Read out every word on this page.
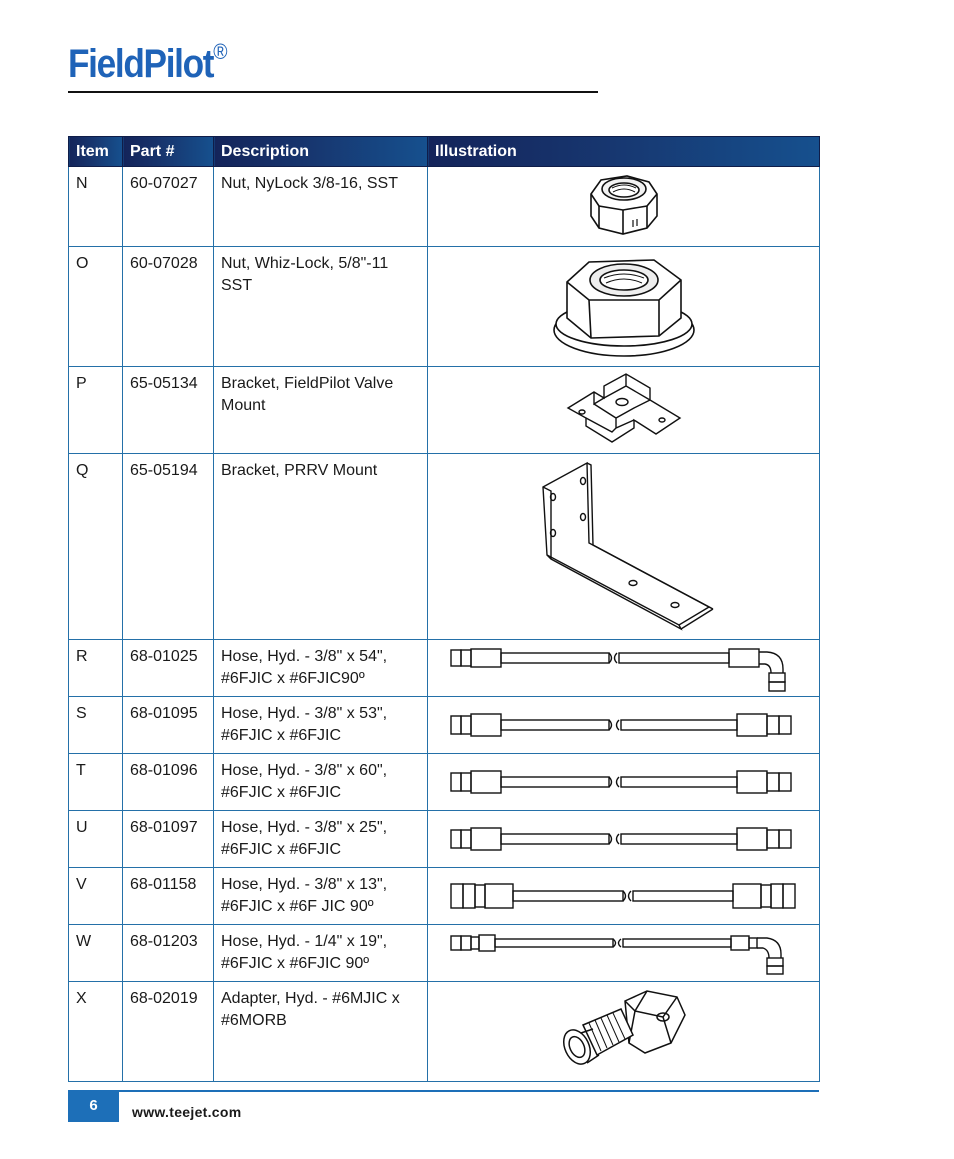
FieldPilot®
Item	Part #	Description	Illustration
N	60-07027	Nut, NyLock 3/8-16, SST	

O	60-07028	Nut, Whiz-Lock, 5/8"-11 SST	

P	65-05134	Bracket, FieldPilot Valve Mount	

Q	65-05194	Bracket, PRRV Mount	

R	68-01025	Hose, Hyd. - 3/8" x 54", #6FJIC x #6FJIC90º	

S	68-01095	Hose, Hyd. - 3/8" x 53", #6FJIC x #6FJIC	

T	68-01096	Hose, Hyd. - 3/8" x 60", #6FJIC x #6FJIC	

U	68-01097	Hose, Hyd. - 3/8" x 25", #6FJIC x #6FJIC	

V	68-01158	Hose, Hyd. - 3/8" x 13", #6FJIC x #6F JIC 90º	

W	68-01203	Hose, Hyd. - 1/4" x 19", #6FJIC x #6FJIC 90º	

X	68-02019	Adapter, Hyd. - #6MJIC x #6MORB	
6	www.teejet.com
